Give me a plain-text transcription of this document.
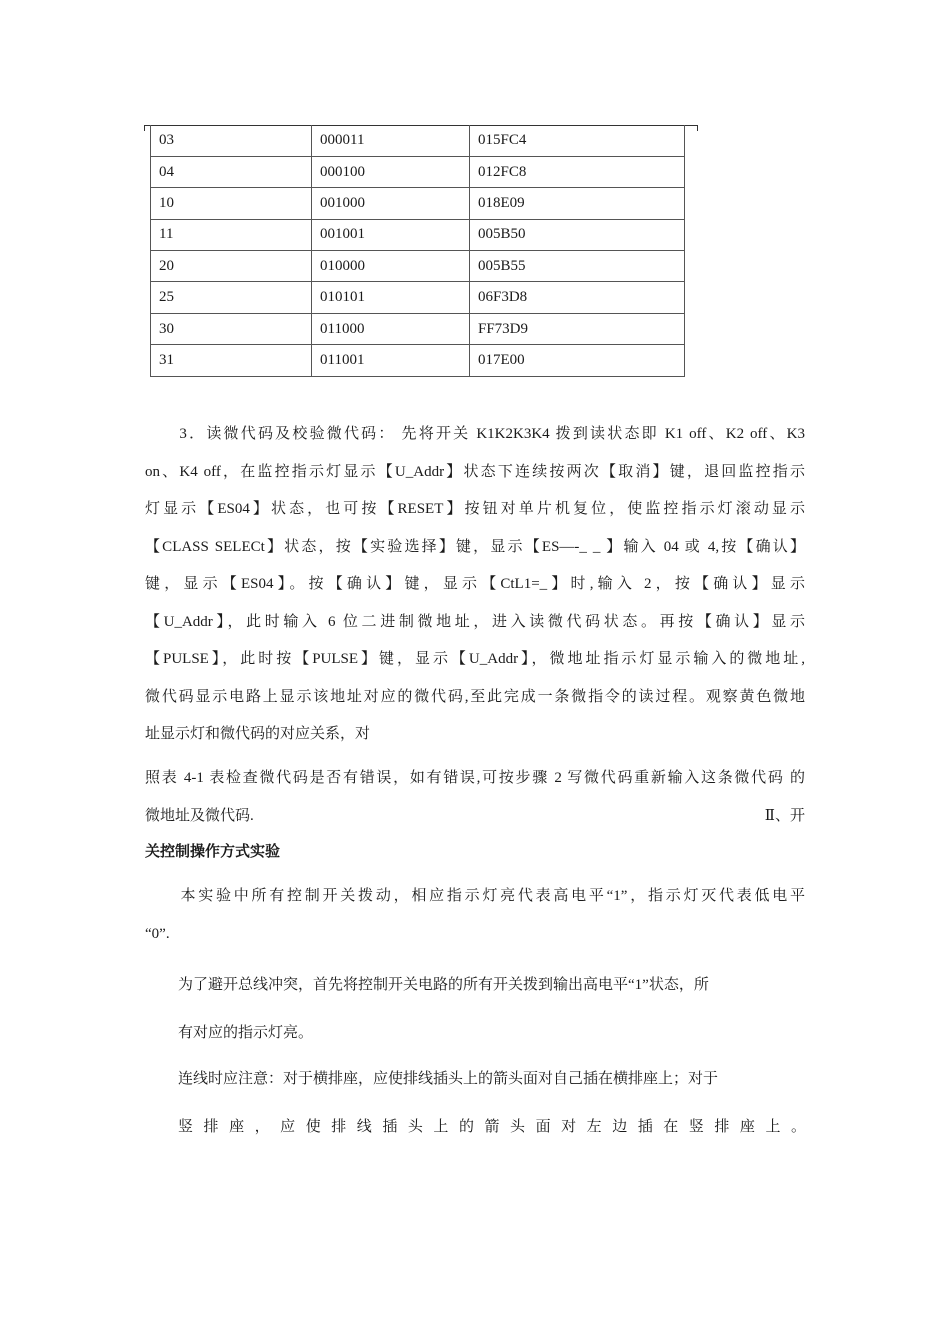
03	000011	015FC4
04	000100	012FC8
10	001000	018E09
11	001001	005B50
20	010000	005B55
25	010101	06F3D8
30	011000	FF73D9
31	011001	017E00

　　3．读微代码及校验微代码： 先将开关 K1K2K3K4 拨到读状态即 K1 off、K2 off、K3
on、K4 off，在监控指示灯显示【U_Addr】状态下连续按两次【取消】键，退回监控指示
灯显示【ES04】状态，也可按【RESET】按钮对单片机复位，使监控指示灯滚动显示
【CLASS SELECt】状态，按【实验选择】键，显示【ES—-_ _ 】输入 04 或 4,按【确认】
键，显示【ES04】。按【确认】键，显示【CtL1=_】时,输入 2，按【确认】显示
【U_Addr】，此时输入 6 位二进制微地址，进入读微代码状态。再按【确认】显示
【PULSE】，此时按【PULSE】键，显示【U_Addr】，微地址指示灯显示输入的微地址,
微代码显示电路上显示该地址对应的微代码,至此完成一条微指令的读过程。观察黄色微地
址显示灯和微代码的对应关系，对

照表 4-1 表检查微代码是否有错误，如有错误,可按步骤 2 写微代码重新输入这条微代码 的
微地址及微代码.	Ⅱ、开

关控制操作方式实验

　　本实验中所有控制开关拨动，相应指示灯亮代表高电平“1”，指示灯灭代表低电平
“0”.

为了避开总线冲突，首先将控制开关电路的所有开关拨到输出高电平“1”状态，所
有对应的指示灯亮。

连线时应注意：对于横排座，应使排线插头上的箭头面对自己插在横排座上；对于
竖排座，应使排线插头上的箭头面对左边插在竖排座上。
